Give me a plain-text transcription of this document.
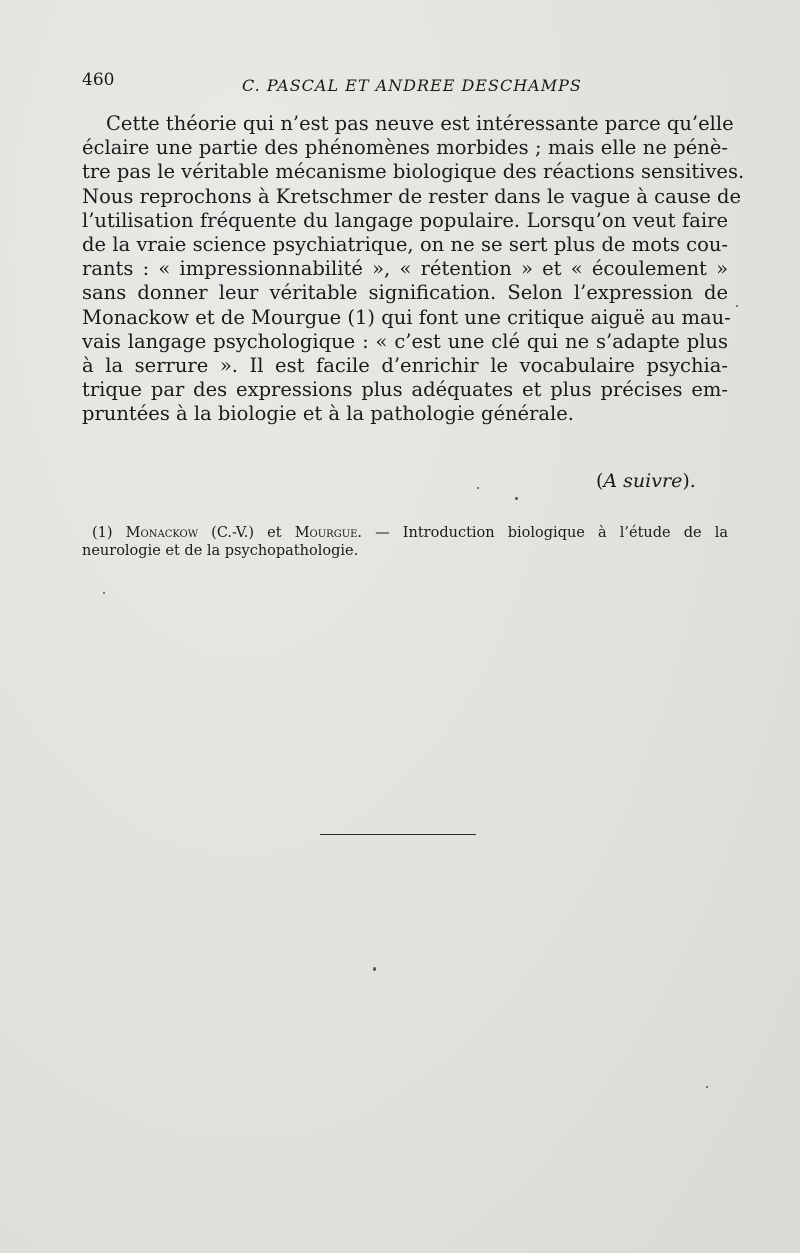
460	C. PASCAL ET ANDREE DESCHAMPS
Cette théorie qui n’est pas neuve est intéressante parce qu’elle
éclaire une partie des phénomènes morbides ; mais elle ne pénè-
tre pas le véritable mécanisme biologique des réactions sensitives.
Nous reprochons à Kretschmer de rester dans le vague à cause de
l’utilisation fréquente du langage populaire. Lorsqu’on veut faire
de la vraie science psychiatrique, on ne se sert plus de mots cou-
rants : « impressionnabilité », « rétention » et « écoulement »
sans donner leur véritable signification. Selon l’expression de
Monackow et de Mourgue (1) qui font une critique aiguë au mau-
vais langage psychologique : « c’est une clé qui ne s’adapte plus
à la serrure ». Il est facile d’enrichir le vocabulaire psychia-
trique par des expressions plus adéquates et plus précises em-
pruntées à la biologie et à la pathologie générale.
(A suivre).
(1) Monackow (C.-V.) et Mourgue. — Introduction biologique à l’étude de la
neurologie et de la psychopathologie.
